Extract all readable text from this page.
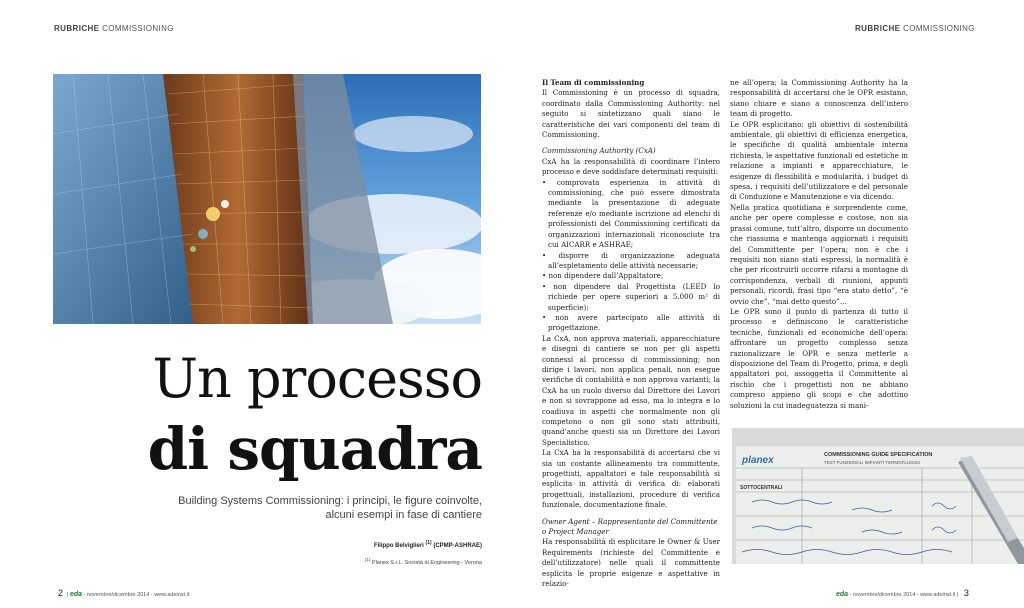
RUBRICHE COMMISSIONING	RUBRICHE COMMISSIONING
Un processo
di squadra
Building Systems Commissioning: i principi, le figure coinvolte,
alcuni esempi in fase di cantiere
Filippo Belviglieri $^{(1)}$ (CPMP-ASHRAE)
$^{(1)}$ Planex S.r.L. Società di Engineering - Verona

Il Team di commissioning

Il Commissioning è un processo di squadra, coordinato dalla Commissioning Authority: nel seguito si sintetizzano quali siano le caratteristiche dei vari componenti del team di Commissioning.

Commissioning Authority (CxA)

CxA ha la responsabilità di coordinare l’intero processo e deve soddisfare determinati requisiti:

• comprovata esperienza in attività di commissioning, che può essere dimostrata mediante la presentazione di adeguate referenze e/o mediante iscrizione ad elenchi di professionisti del Commissioning certificati da organizzazioni internazionali riconosciute tra cui AICARR e ASHRAE;

• disporre di organizzazione adeguata all’espletamento delle attività necessarie;

• non dipendere dall’Appaltatore;

• non dipendere dal Progettista (LEED lo richiede per opere superiori a 5.000 m² di superficie);

• non avere partecipato alle attività di progettazione.

La CxA, non approva materiali, apparecchiature e disegni di cantiere se non per gli aspetti connessi al processo di commissioning; non dirige i lavori, non applica penali, non esegue verifiche di contabilità e non approva varianti; la CxA ha un ruolo diverso dal Direttore dei Lavori e non si sovrappone ad esso, ma lo integra e lo coadiuva in aspetti che normalmente non gli competono o non gli sono stati attribuiti, quand’anche questi sia un Direttore dei Lavori Specialistico.

La CxA ha la responsabilità di accertarsi che vi sia un costante allineamento tra committente, progettisti, appaltatori e tale responsabilità si esplicita in attività di verifica di: elaborati progettuali, installazioni, procedure di verifica funzionale, documentazione finale.

Owner Agent – Rappresentante del Committente o Project Manager

Ha responsabilità di esplicitare le Owner & User Requirements (richieste del Committente e dell’utilizzatore) nelle quali il committente esplicita le proprie esigenze e aspettative in relazio-

ne all’opera; la Commissioning Authority ha la responsabilità di accertarsi che le OPR esistano, siano chiare e siano a conoscenza dell’intero team di progetto.

Le OPR esplicitano: gli obiettivi di sostenibilità ambientale, gli obiettivi di efficienza energetica, le specifiche di qualità ambientale interna richiesta, le aspettative funzionali ed estetiche in relazione a impianti e apparecchiature, le esigenze di flessibilità e modularità, i budget di spesa, i requisiti dell’utilizzatore e del personale di Conduzione e Manutenzione e via dicendo.

Nella pratica quotidiana è sorprendente come, anche per opere complesse e costose, non sia prassi comune, tutt’altro, disporre un documento che riassuma e mantenga aggiornati i requisiti del Committente per l’opera; non è che i requisiti non siano stati espressi, la normalità è che per ricostruirli occorre rifarsi a montagne di corrispondenza, verbali di riunioni, appunti personali, ricordi, frasi tipo “era stato detto”, “è ovvio che”, “mai detto questo”…

Le OPR sono il punto di partenza di tutto il processo e definiscono le caratteristiche tecniche, funzionali ed economiche dell’opera: affrontare un progetto complesso senza razionalizzare le OPR e senza metterle a disposizione del Team di Progetto, prima, e degli appaltatori poi, assoggetta il Committente al rischio che i progettisti non ne abbiano compreso appieno gli scopi e che adottino soluzioni la cui inadeguatezza si mani-

planex	COMMISSIONING GUIDE SPECIFICATION
TEST FUNZIONALI IMPIANTI TERMOFLUIDICI
SOTTOCENTRALI
2 | eda - novembre/dicembre 2014 - www.adeinst.it	eda - novembre/dicembre 2014 - www.adeinst.it | 3
